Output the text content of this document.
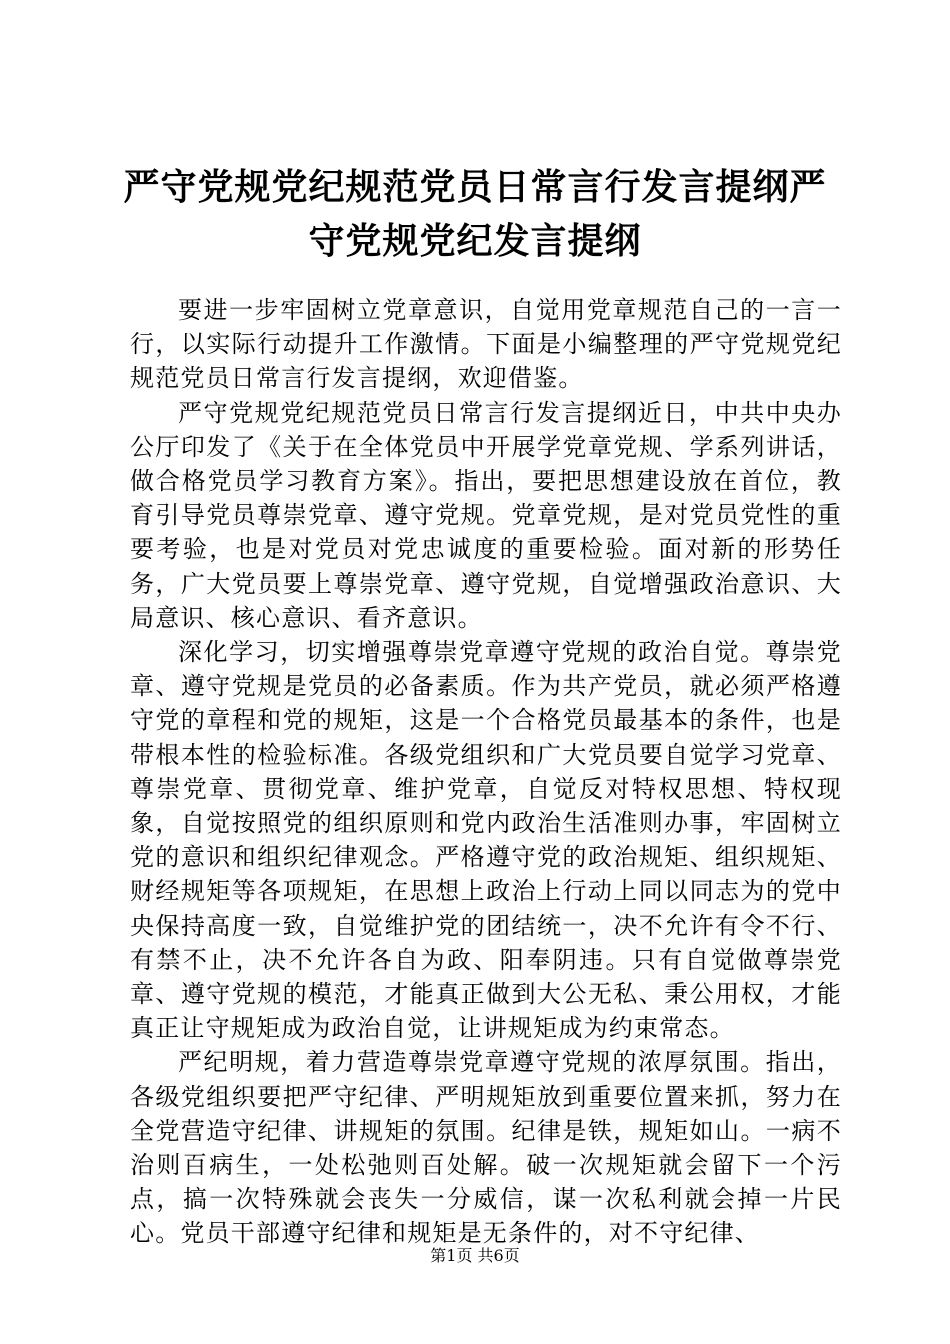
严守党规党纪规范党员日常言行发言提纲严守党规党纪发言提纲

要进一步牢固树立党章意识，自觉用党章规范自己的一言一行，以实际行动提升工作激情。下面是小编整理的严守党规党纪规范党员日常言行发言提纲，欢迎借鉴。

严守党规党纪规范党员日常言行发言提纲近日，中共中央办公厅印发了《关于在全体党员中开展学党章党规、学系列讲话，做合格党员学习教育方案》。指出，要把思想建设放在首位，教育引导党员尊崇党章、遵守党规。党章党规，是对党员党性的重要考验，也是对党员对党忠诚度的重要检验。面对新的形势任务，广大党员要上尊崇党章、遵守党规，自觉增强政治意识、大局意识、核心意识、看齐意识。

深化学习，切实增强尊崇党章遵守党规的政治自觉。尊崇党章、遵守党规是党员的必备素质。作为共产党员，就必须严格遵守党的章程和党的规矩，这是一个合格党员最基本的条件，也是带根本性的检验标准。各级党组织和广大党员要自觉学习党章、尊崇党章、贯彻党章、维护党章，自觉反对特权思想、特权现象，自觉按照党的组织原则和党内政治生活准则办事，牢固树立党的意识和组织纪律观念。严格遵守党的政治规矩、组织规矩、财经规矩等各项规矩，在思想上政治上行动上同以同志为的党中央保持高度一致，自觉维护党的团结统一，决不允许有令不行、有禁不止，决不允许各自为政、阳奉阴违。只有自觉做尊崇党章、遵守党规的模范，才能真正做到大公无私、秉公用权，才能真正让守规矩成为政治自觉，让讲规矩成为约束常态。

严纪明规，着力营造尊崇党章遵守党规的浓厚氛围。指出，各级党组织要把严守纪律、严明规矩放到重要位置来抓，努力在全党营造守纪律、讲规矩的氛围。纪律是铁，规矩如山。一病不治则百病生，一处松弛则百处解。破一次规矩就会留下一个污点，搞一次特殊就会丧失一分威信，谋一次私利就会掉一片民心。党员干部遵守纪律和规矩是无条件的，对不守纪律、

第1页 共6页
